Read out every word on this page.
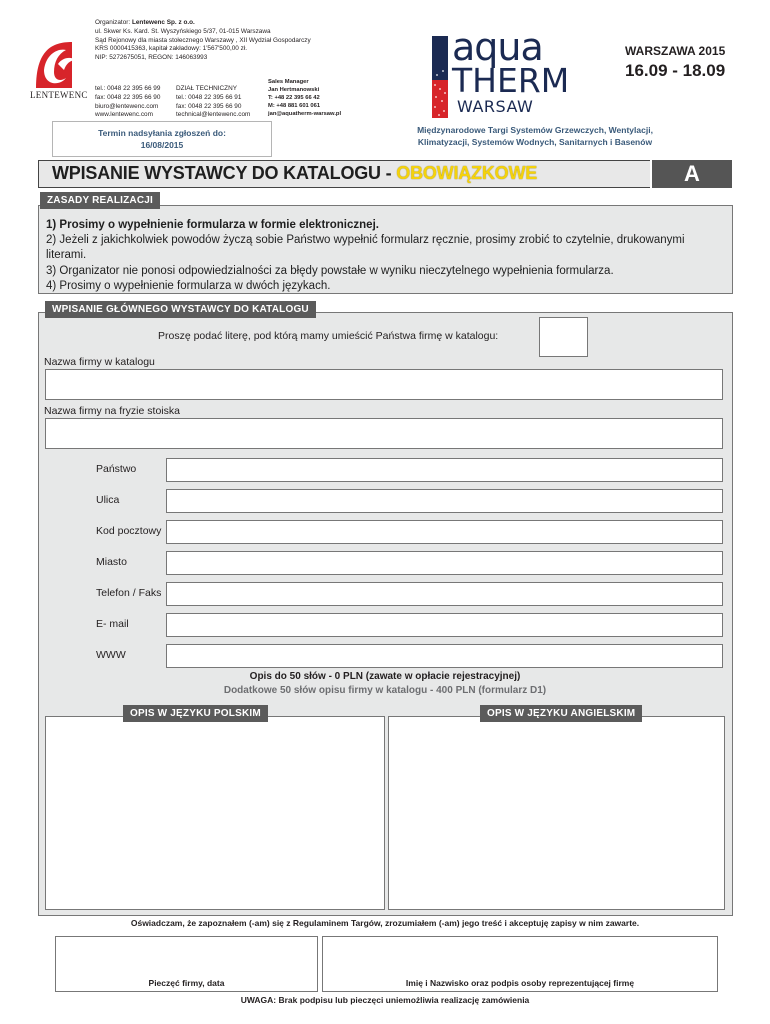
LENTEWENC
Organizator: Lentewenc Sp. z o.o.
ul. Skwer Ks. Kard. St. Wyszyńskiego 5/37, 01-015 Warszawa
Sąd Rejonowy dla miasta stołecznego Warszawy , XII Wydział Gospodarczy
KRS 0000415363, kapitał zakładowy: 1'567'500,00 zł.
NIP: 5272675051, REGON: 146063993
tel.: 0048 22 395 66 99
fax: 0048 22 395 66 90
biuro@lentewenc.com
www.lentewenc.com
DZIAŁ TECHNICZNY
tel.: 0048 22 395 66 91
fax: 0048 22 395 66 90
technical@lentewenc.com
Sales Manager
Jan Hertmanowski
T: +48 22 395 66 42
M: +48 881 601 061
jan@aquatherm-warsaw.pl
aqua
THERM
WARSAW
WARSZAWA 2015
16.09 - 18.09
Termin nadsyłania zgłoszeń do:
16/08/2015
Międzynarodowe Targi Systemów Grzewczych, Wentylacji,
Klimatyzacji, Systemów Wodnych, Sanitarnych i Basenów
WPISANIE WYSTAWCY DO KATALOGU - OBOWIĄZKOWE	A
ZASADY REALIZACJI
1) Prosimy o wypełnienie formularza w formie elektronicznej.
2) Jeżeli z jakichkolwiek powodów życzą sobie Państwo wypełnić formularz ręcznie, prosimy zrobić to czytelnie, drukowanymi literami.
3) Organizator nie ponosi odpowiedzialności za błędy powstałe w wyniku nieczytelnego wypełnienia formularza.
4) Prosimy o wypełnienie formularza w dwóch językach.
WPISANIE GŁÓWNEGO WYSTAWCY DO KATALOGU
Proszę podać literę, pod którą mamy umieścić Państwa firmę w katalogu:
Nazwa firmy w katalogu
Nazwa firmy na fryzie stoiska
Państwo
Ulica
Kod pocztowy
Miasto
Telefon / Faks
E- mail
WWW
Opis do 50 słów - 0 PLN (zawate w opłacie rejestracyjnej)
Dodatkowe 50 słów opisu firmy w katalogu - 400 PLN (formularz D1)
OPIS W JĘZYKU POLSKIM	OPIS W JĘZYKU ANGIELSKIM
Oświadczam, że zapoznałem (-am) się z Regulaminem Targów, zrozumiałem (-am) jego treść i akceptuję zapisy w nim zawarte.
Pieczęć firmy, data	Imię i Nazwisko oraz podpis osoby reprezentującej firmę
UWAGA: Brak podpisu lub pieczęci uniemożliwia realizację zamówienia
